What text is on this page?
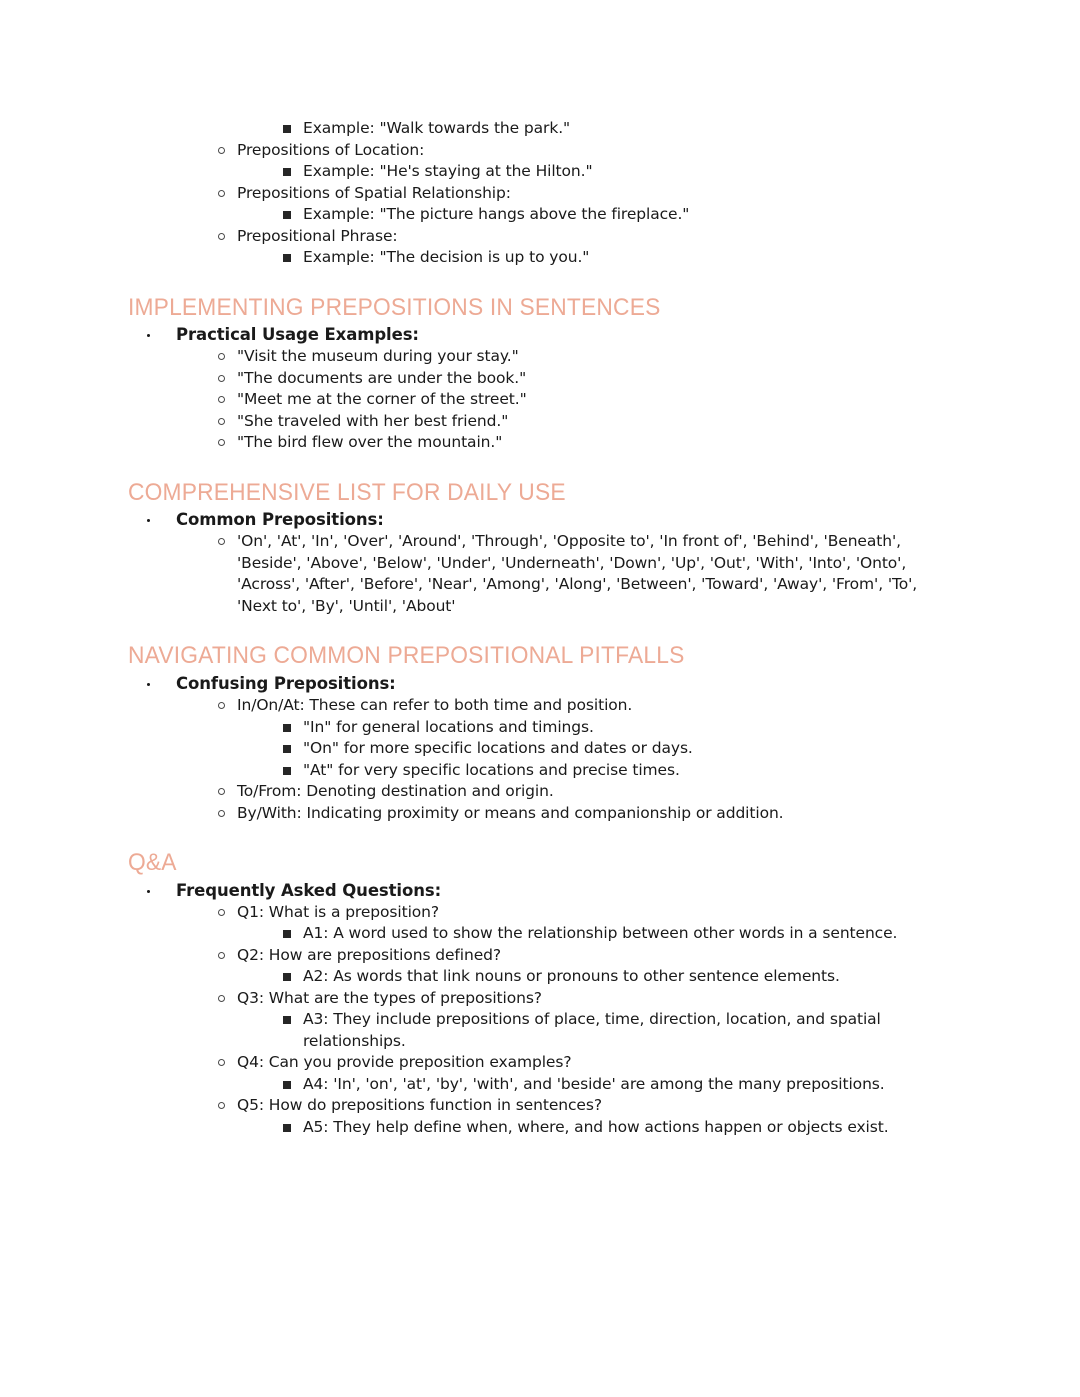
Example: "Walk towards the park."
Prepositions of Location:
Example: "He's staying at the Hilton."
Prepositions of Spatial Relationship:
Example: "The picture hangs above the fireplace."
Prepositional Phrase:
Example: "The decision is up to you."
IMPLEMENTING PREPOSITIONS IN SENTENCES
Practical Usage Examples:
"Visit the museum during your stay."
"The documents are under the book."
"Meet me at the corner of the street."
"She traveled with her best friend."
"The bird flew over the mountain."
COMPREHENSIVE LIST FOR DAILY USE
Common Prepositions:
'On', 'At', 'In', 'Over', 'Around', 'Through', 'Opposite to', 'In front of', 'Behind', 'Beneath', 'Beside', 'Above', 'Below', 'Under', 'Underneath', 'Down', 'Up', 'Out', 'With', 'Into', 'Onto', 'Across', 'After', 'Before', 'Near', 'Among', 'Along', 'Between', 'Toward', 'Away', 'From', 'To', 'Next to', 'By', 'Until', 'About'
NAVIGATING COMMON PREPOSITIONAL PITFALLS
Confusing Prepositions:
In/On/At: These can refer to both time and position.
"In" for general locations and timings.
"On" for more specific locations and dates or days.
"At" for very specific locations and precise times.
To/From: Denoting destination and origin.
By/With: Indicating proximity or means and companionship or addition.
Q&A
Frequently Asked Questions:
Q1: What is a preposition?
A1: A word used to show the relationship between other words in a sentence.
Q2: How are prepositions defined?
A2: As words that link nouns or pronouns to other sentence elements.
Q3: What are the types of prepositions?
A3: They include prepositions of place, time, direction, location, and spatial relationships.
Q4: Can you provide preposition examples?
A4: 'In', 'on', 'at', 'by', 'with', and 'beside' are among the many prepositions.
Q5: How do prepositions function in sentences?
A5: They help define when, where, and how actions happen or objects exist.
